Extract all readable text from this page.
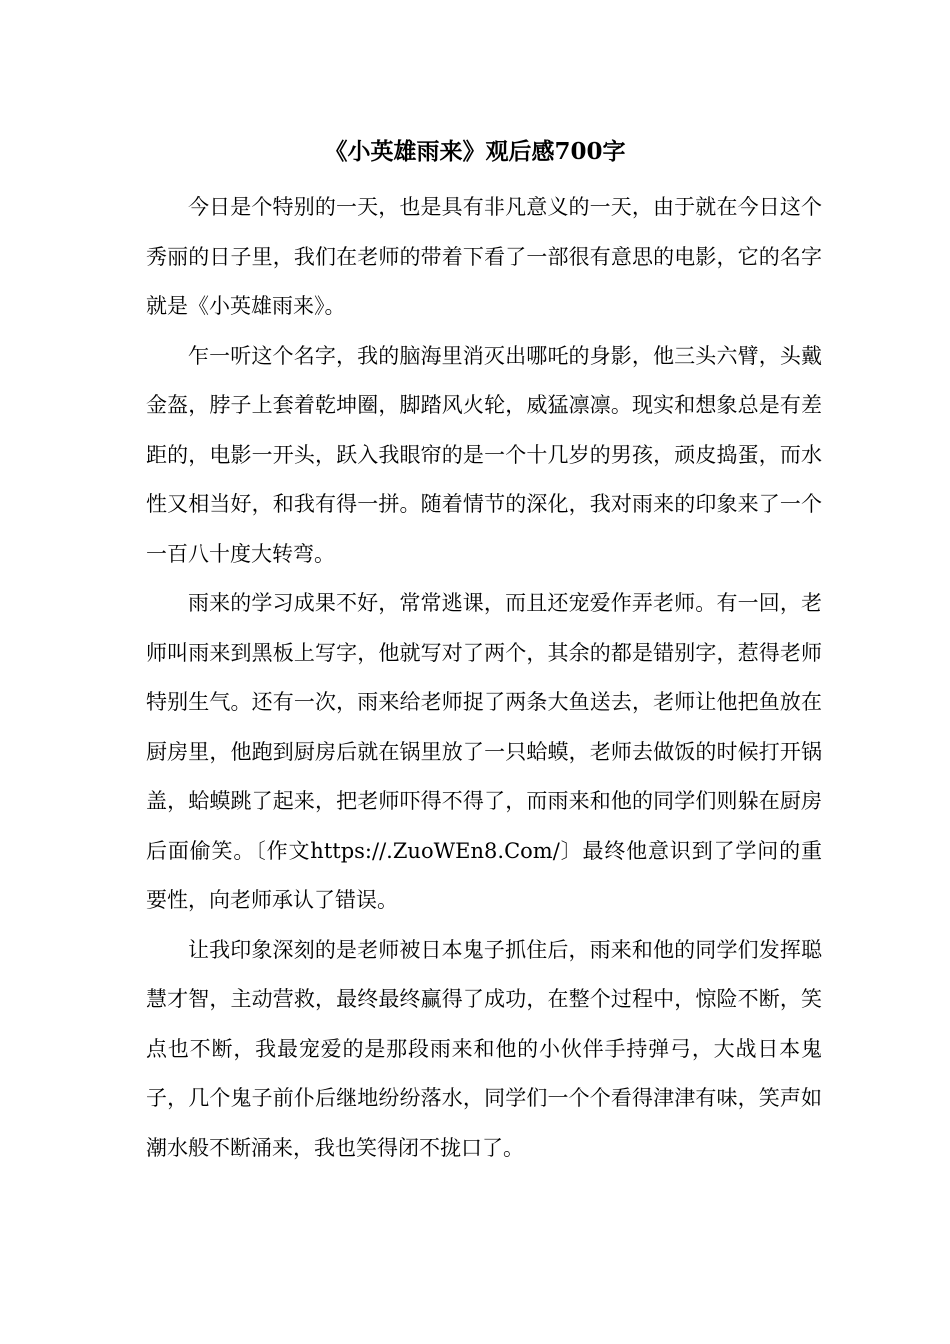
《小英雄雨来》观后感700字

今日是个特别的一天，也是具有非凡意义的一天，由于就在今日这个秀丽的日子里，我们在老师的带着下看了一部很有意思的电影，它的名字就是《小英雄雨来》。

乍一听这个名字，我的脑海里消灭出哪吒的身影，他三头六臂，头戴金盔，脖子上套着乾坤圈，脚踏风火轮，威猛凛凛。现实和想象总是有差距的，电影一开头，跃入我眼帘的是一个十几岁的男孩，顽皮捣蛋，而水性又相当好，和我有得一拼。随着情节的深化，我对雨来的印象来了一个一百八十度大转弯。

雨来的学习成果不好，常常逃课，而且还宠爱作弄老师。有一回，老师叫雨来到黑板上写字，他就写对了两个，其余的都是错别字，惹得老师特别生气。还有一次，雨来给老师捉了两条大鱼送去，老师让他把鱼放在厨房里，他跑到厨房后就在锅里放了一只蛤蟆，老师去做饭的时候打开锅盖，蛤蟆跳了起来，把老师吓得不得了，而雨来和他的同学们则躲在厨房后面偷笑。〔作文https://.ZuoWEn8.Com/〕最终他意识到了学问的重要性，向老师承认了错误。

让我印象深刻的是老师被日本鬼子抓住后，雨来和他的同学们发挥聪慧才智，主动营救，最终最终赢得了成功，在整个过程中，惊险不断，笑点也不断，我最宠爱的是那段雨来和他的小伙伴手持弹弓，大战日本鬼子，几个鬼子前仆后继地纷纷落水，同学们一个个看得津津有味，笑声如潮水般不断涌来，我也笑得闭不拢口了。
